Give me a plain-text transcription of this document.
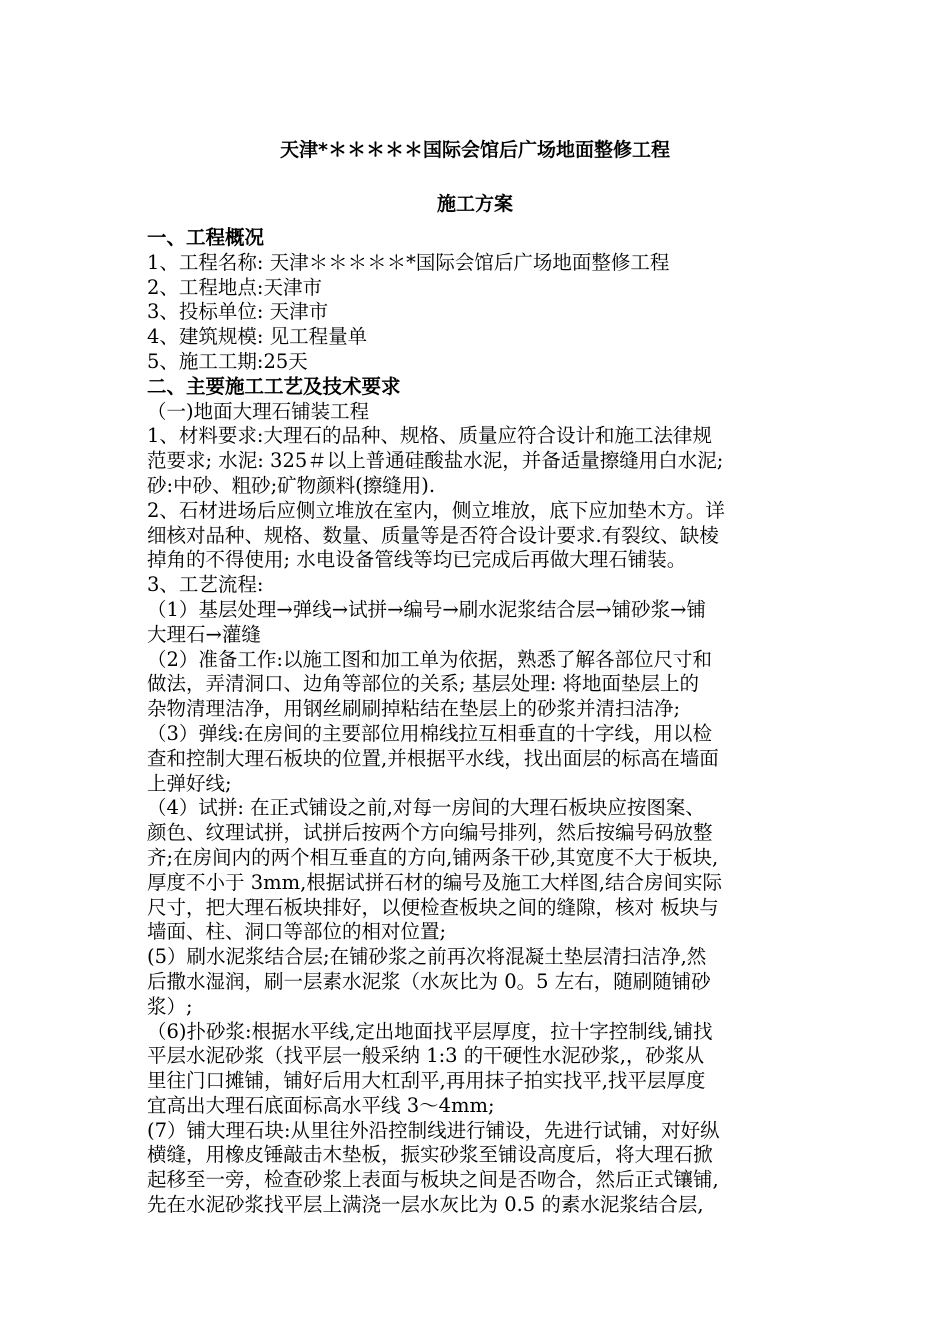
天津*＊＊＊＊＊国际会馆后广场地面整修工程
施工方案
一、工程概况
1、工程名称: 天津＊＊＊＊＊*国际会馆后广场地面整修工程
2、工程地点:天津市
3、投标单位: 天津市
4、建筑规模: 见工程量单
5、施工工期:25天
二、主要施工工艺及技术要求
（一)地面大理石铺装工程
1、材料要求:大理石的品种、规格、质量应符合设计和施工法律规
范要求; 水泥: 325＃以上普通硅酸盐水泥，并备适量擦缝用白水泥;
砂:中砂、粗砂;矿物颜料(擦缝用).
2、石材进场后应侧立堆放在室内，侧立堆放，底下应加垫木方。详
细核对品种、规格、数量、质量等是否符合设计要求.有裂纹、缺棱
掉角的不得使用; 水电设备管线等均已完成后再做大理石铺装。
3、工艺流程:
（1）基层处理→弹线→试拼→编号→刷水泥浆结合层→铺砂浆→铺
大理石→灌缝
（2）准备工作:以施工图和加工单为依据，熟悉了解各部位尺寸和
做法，弄清洞口、边角等部位的关系; 基层处理: 将地面垫层上的
杂物清理洁净，用钢丝刷刷掉粘结在垫层上的砂浆并清扫洁净;
（3）弹线:在房间的主要部位用棉线拉互相垂直的十字线，用以检
查和控制大理石板块的位置,并根据平水线，找出面层的标高在墙面
上弹好线;
（4）试拼: 在正式铺设之前,对每一房间的大理石板块应按图案、
颜色、纹理试拼，试拼后按两个方向编号排列，然后按编号码放整
齐;在房间内的两个相互垂直的方向,铺两条干砂,其宽度不大于板块,
厚度不小于 3mm,根据试拼石材的编号及施工大样图,结合房间实际
尺寸，把大理石板块排好，以便检查板块之间的缝隙，核对 板块与
墙面、柱、洞口等部位的相对位置;
(5）刷水泥浆结合层;在铺砂浆之前再次将混凝土垫层清扫洁净,然
后撒水湿润，刷一层素水泥浆（水灰比为 0。5 左右，随刷随铺砂
浆）;
（6)扑砂浆:根据水平线,定出地面找平层厚度，拉十字控制线,铺找
平层水泥砂浆（找平层一般采纳 1:3 的干硬性水泥砂浆,，砂浆从
里往门口摊铺，铺好后用大杠刮平,再用抹子拍实找平,找平层厚度
宜高出大理石底面标高水平线 3～4mm;
(7）铺大理石块:从里往外沿控制线进行铺设，先进行试铺，对好纵
横缝，用橡皮锤敲击木垫板，振实砂浆至铺设高度后，将大理石掀
起移至一旁，检查砂浆上表面与板块之间是否吻合，然后正式镶铺,
先在水泥砂浆找平层上满浇一层水灰比为 0.5 的素水泥浆结合层,
